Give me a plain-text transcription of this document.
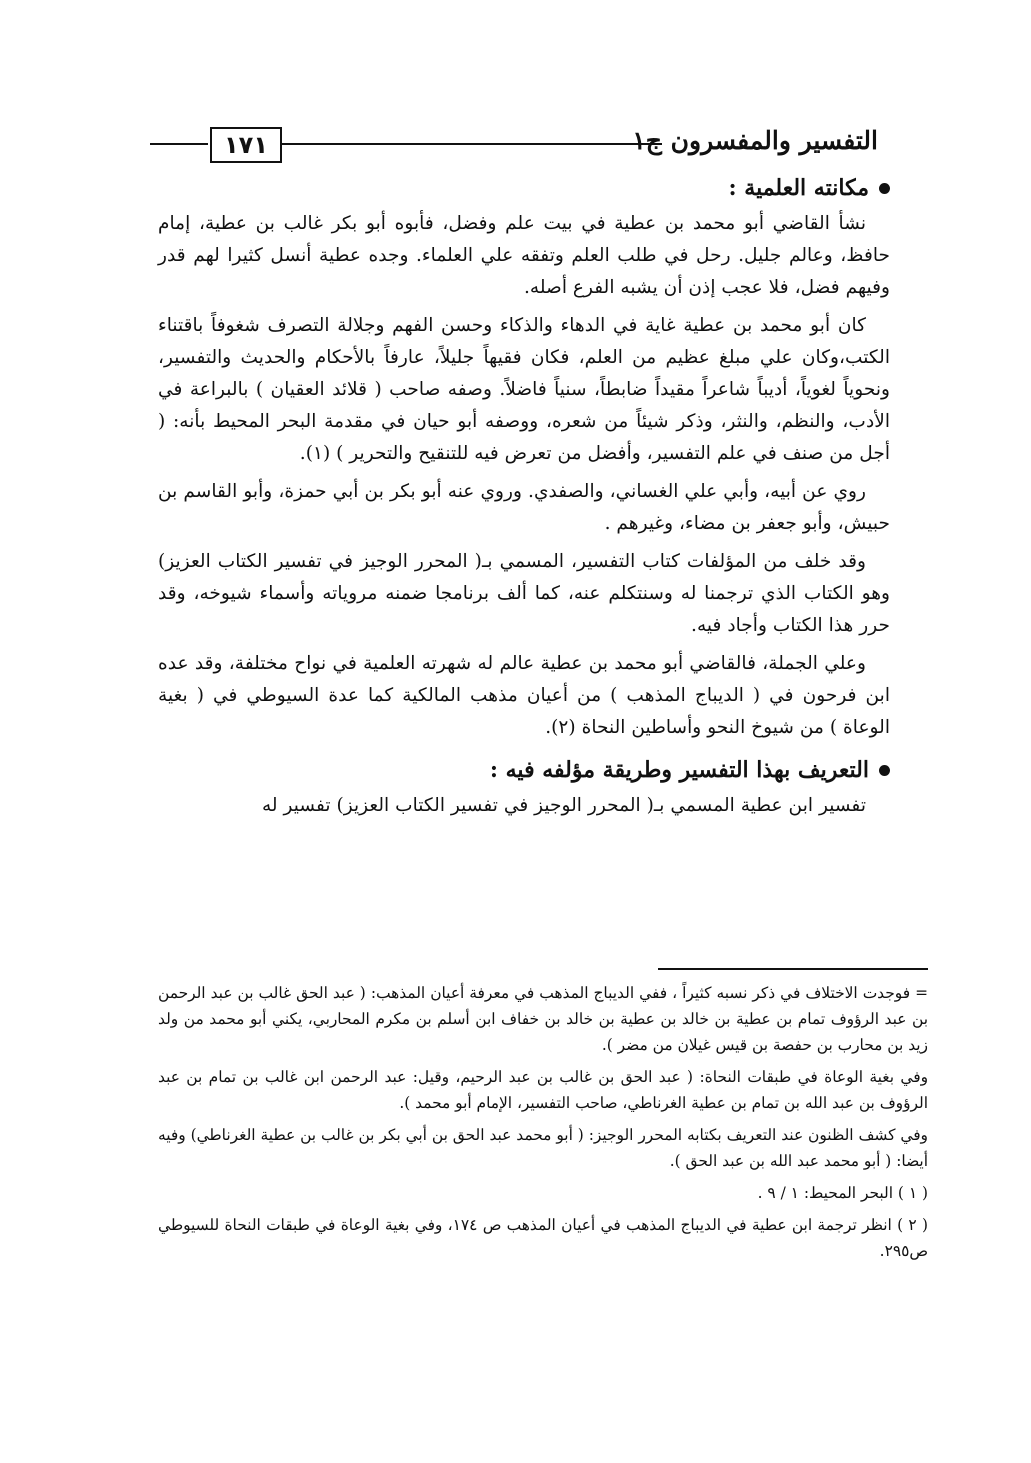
١٧١	التفسير والمفسرون ج١
مكانته العلمية :

نشأ القاضي أبو محمد بن عطية في بيت علم وفضل، فأبوه أبو بكر غالب بن عطية، إمام حافظ، وعالم جليل. رحل في طلب العلم وتفقه علي العلماء. وجده عطية أنسل كثيرا لهم قدر وفيهم فضل، فلا عجب إذن أن يشبه الفرع أصله.

كان أبو محمد بن عطية غاية في الدهاء والذكاء وحسن الفهم وجلالة التصرف شغوفاً باقتناء الكتب،وكان علي مبلغ عظيم من العلم، فكان فقيهاً جليلاً، عارفاً بالأحكام والحديث والتفسير، ونحوياً لغوياً، أديباً شاعراً مقيداً ضابطاً، سنياً فاضلاً. وصفه صاحب ( قلائد العقيان ) بالبراعة في الأدب، والنظم، والنثر، وذكر شيئاً من شعره، ووصفه أبو حيان في مقدمة البحر المحيط بأنه: ( أجل من صنف في علم التفسير، وأفضل من تعرض فيه للتنقيح والتحرير ) (١).

روي عن أبيه، وأبي علي الغساني، والصفدي. وروي عنه أبو بكر بن أبي حمزة، وأبو القاسم بن حبيش، وأبو جعفر بن مضاء، وغيرهم .

وقد خلف من المؤلفات كتاب التفسير، المسمي بـ( المحرر الوجيز في تفسير الكتاب العزيز) وهو الكتاب الذي ترجمنا له وسنتكلم عنه، كما ألف برنامجا ضمنه مروياته وأسماء شيوخه، وقد حرر هذا الكتاب وأجاد فيه.

وعلي الجملة، فالقاضي أبو محمد بن عطية عالم له شهرته العلمية في نواح مختلفة، وقد عده ابن فرحون في ( الديباج المذهب ) من أعيان مذهب المالكية كما عدة السيوطي في ( بغية الوعاة ) من شيوخ النحو وأساطين النحاة (٢).

التعريف بهذا التفسير وطريقة مؤلفه فيه :

تفسير ابن عطية المسمي بـ( المحرر الوجيز في تفسير الكتاب العزيز) تفسير له

= فوجدت الاختلاف في ذكر نسبه كثيراً ، ففي الديباج المذهب في معرفة أعيان المذهب: ( عبد الحق غالب بن عبد الرحمن بن عبد الرؤوف تمام بن عطية بن خالد بن عطية بن خالد بن خفاف ابن أسلم بن مكرم المحاربي، يكني أبو محمد من ولد زيد بن محارب بن حفصة بن قيس غيلان من مضر ).

وفي بغية الوعاة في طبقات النحاة: ( عبد الحق بن غالب بن عبد الرحيم، وقيل: عبد الرحمن ابن غالب بن تمام بن عبد الرؤوف بن عبد الله بن تمام بن عطية الغرناطي، صاحب التفسير، الإمام أبو محمد ).

وفي كشف الظنون عند التعريف بكتابه المحرر الوجيز: ( أبو محمد عبد الحق بن أبي بكر بن غالب بن عطية الغرناطي) وفيه أيضا: ( أبو محمد عبد الله بن عبد الحق ).

( ١ ) البحر المحيط: ١ / ٩ .

( ٢ ) انظر ترجمة ابن عطية في الديباج المذهب في أعيان المذهب ص ١٧٤، وفي بغية الوعاة في طبقات النحاة للسيوطي ص٢٩٥.
